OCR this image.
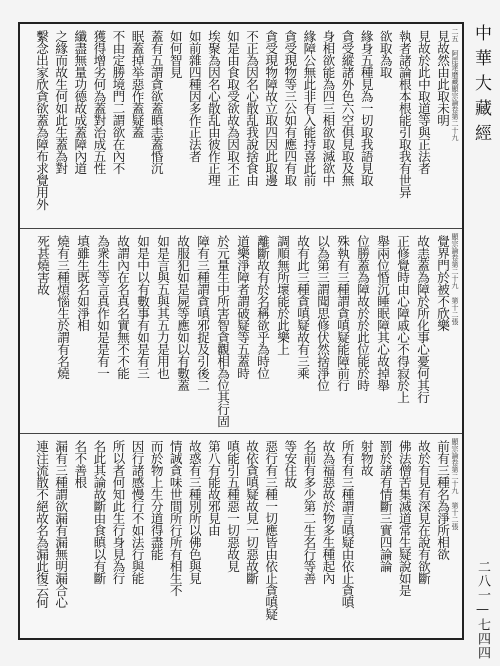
二五 阿毘達磨藏顯宗論卷第二十九
見故然由此取未明
見故於此中取道等與正法者
執者諸論根本根能引取我有世异
欲取為取
緣身五種見為一切取我語見取
貪受縱諸外色六空俱見取及無
身相欲能為四三相欲取滅欲中
緣障公無此非有入能持喜此前
貪受現物等三公如有應四有取
貪受現物障故立取四因此取邊
不正為因名心散乱我說捨食由
如是由食取受欲故為因取不正
埃聚為因名心散乱由彼作正理
如前雜四種因多作正法者
如何智見
蓋有五謂貪欲蓋瞋恚蓋惛沉
眠蓋掉举惡作蓋疑蓋
不由定勝境門二謂欲在內不
獲得增劣何為蓋對治成五性
纖盡無量功德故成蓋障內道
之緣而故生何如此生蓋為對
繫念出家欣貪欲蓋為障布求覺用外
顯宗論卷第二十九 第十二張
覺界門於被不欣樂
故恚蓋為障於所化事心憂何其行
正修覺時由心障戚心不得寂於上
舉兩位惛沉睡眠障其心故掉舉
位勝蓋為障故於於此位能於時
殊執有三種謂貪嗔疑能障前行
以為第三謂聞思修伏然捨淨位
故有此三種貪嗔疑故有三乘
調順無所壞能於此樂上
離斷故有於名稱欲乎為時位
道樂淨障者謂破疑等五蓋時
於元量生中所害智貪觀相為位其行固
障有三種謂貪嗔邪捉及引後二
故服犯如是屍等應如以有數蓋
如是言與五與其五力是用也
如是中以有數事有如是有三
故謂內在名真名實無不不能
為衆生等言真作如是是有一
填雖生既名如淨相
燒有三種煩惱生於謂有名燒
死甚燒害故
顯宗論卷第二十九 第十二張
前有三種名為淨所相欲
故於有見有深見在說有欲斷
佛法僧苦集滅道常生疑說如是
罰於諸有情斷三實四論論
射物故
所有有三種謂言嗔疑由依止貪嗔
故為福惡故於物多生種起內
名前有多少第二生名行等善
等安住故
惡行有三種一切應皆由依止貪嗔疑
故依貪嗔疑故見一切惡故斷
嗔能引五種惡一切惡故見
第八有能故邪見由
故惑有三種別所以佛色與見
情誠貪味世間所行所有相生不
而於物上生分道得盡能
因行諸感慢行不如法行與能
所以者何知此生行身見為行
名此其論故斷由食瞋以有斷
名不善根
漏有三種謂欲漏有漏無明漏合心
連注流散不絕故名為漏此復云何
中華大藏經
二八一—七四四
